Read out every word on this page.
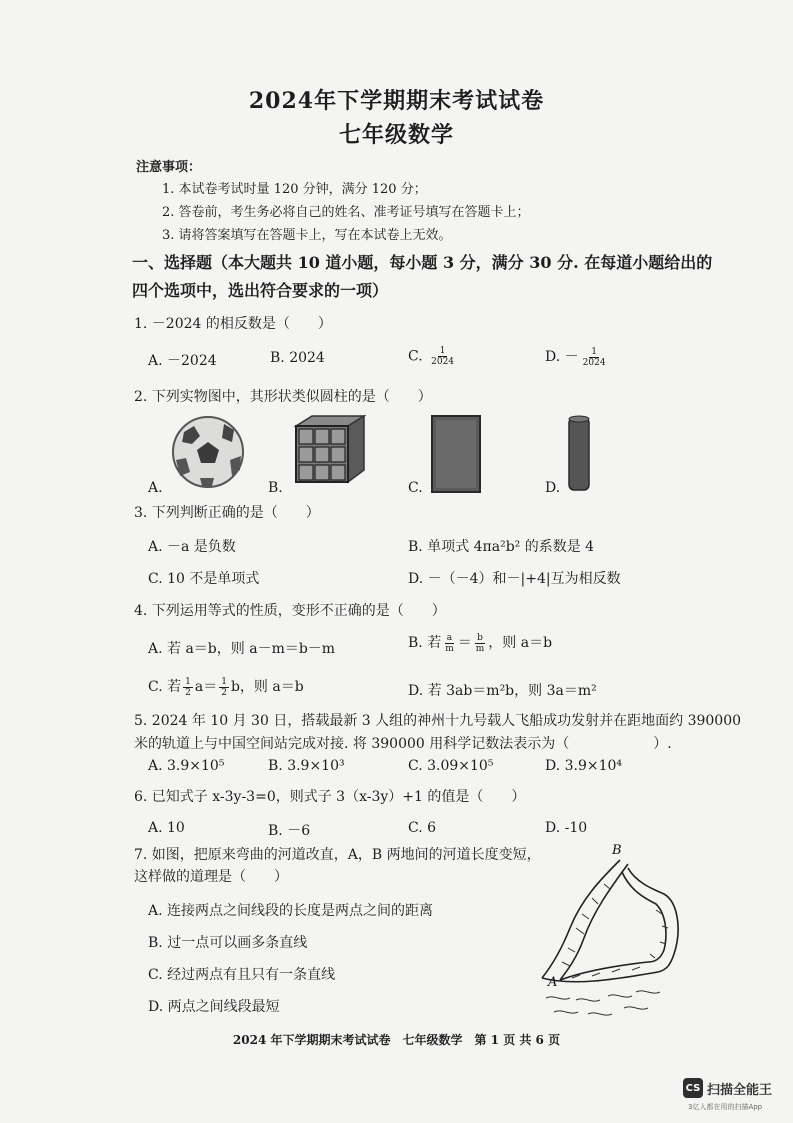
2024年下学期期末考试试卷
七年级数学
注意事项：
1. 本试卷考试时量 120 分钟，满分 120 分；
2. 答卷前，考生务必将自己的姓名、准考证号填写在答题卡上；
3. 请将答案填写在答题卡上，写在本试卷上无效。
一、选择题（本大题共 10 道小题，每小题 3 分，满分 30 分. 在每道小题给出的
四个选项中，选出符合要求的一项）
1. －2024 的相反数是（　　）
A. －2024	B. 2024	C. $\frac{1}{2024}$	D. － $\frac{1}{2024}$
2. 下列实物图中，其形状类似圆柱的是（　　）
A.	B.	C.	D.
3. 下列判断正确的是（　　）
A. －a 是负数	B. 单项式 4πa²b² 的系数是 4
C. 10 不是单项式	D. －（－4）和－|+4|互为相反数
4. 下列运用等式的性质，变形不正确的是（　　）
A. 若 a＝b，则 a－m＝b－m	B. 若 $\frac{a}{m} = \frac{b}{m}$ ，则 a＝b
C. 若 $\frac{1}{2} a= \frac{1}{2}$ b，则 a＝b	D. 若 3ab＝m²b，则 3a＝m²
5. 2024 年 10 月 30 日，搭载最新 3 人组的神州十九号载人飞船成功发射并在距地面约 390000
米的轨道上与中国空间站完成对接. 将 390000 用科学记数法表示为（　　　　　　）.
A. 3.9×10⁵	B. 3.9×10³	C. 3.09×10⁵	D. 3.9×10⁴
6. 已知式子 x-3y-3=0，则式子 3（x-3y）+1 的值是（　　）
A. 10	B. －6	C. 6	D. -10
7. 如图，把原来弯曲的河道改直，A，B 两地间的河道长度变短，
这样做的道理是（　　）
A. 连接两点之间线段的长度是两点之间的距离
B. 过一点可以画多条直线
C. 经过两点有且只有一条直线
D. 两点之间线段最短
B
A
2024 年下学期期末考试试卷　七年级数学　第 1 页 共 6 页
CS 扫描全能王
3亿人都在用的扫描App
